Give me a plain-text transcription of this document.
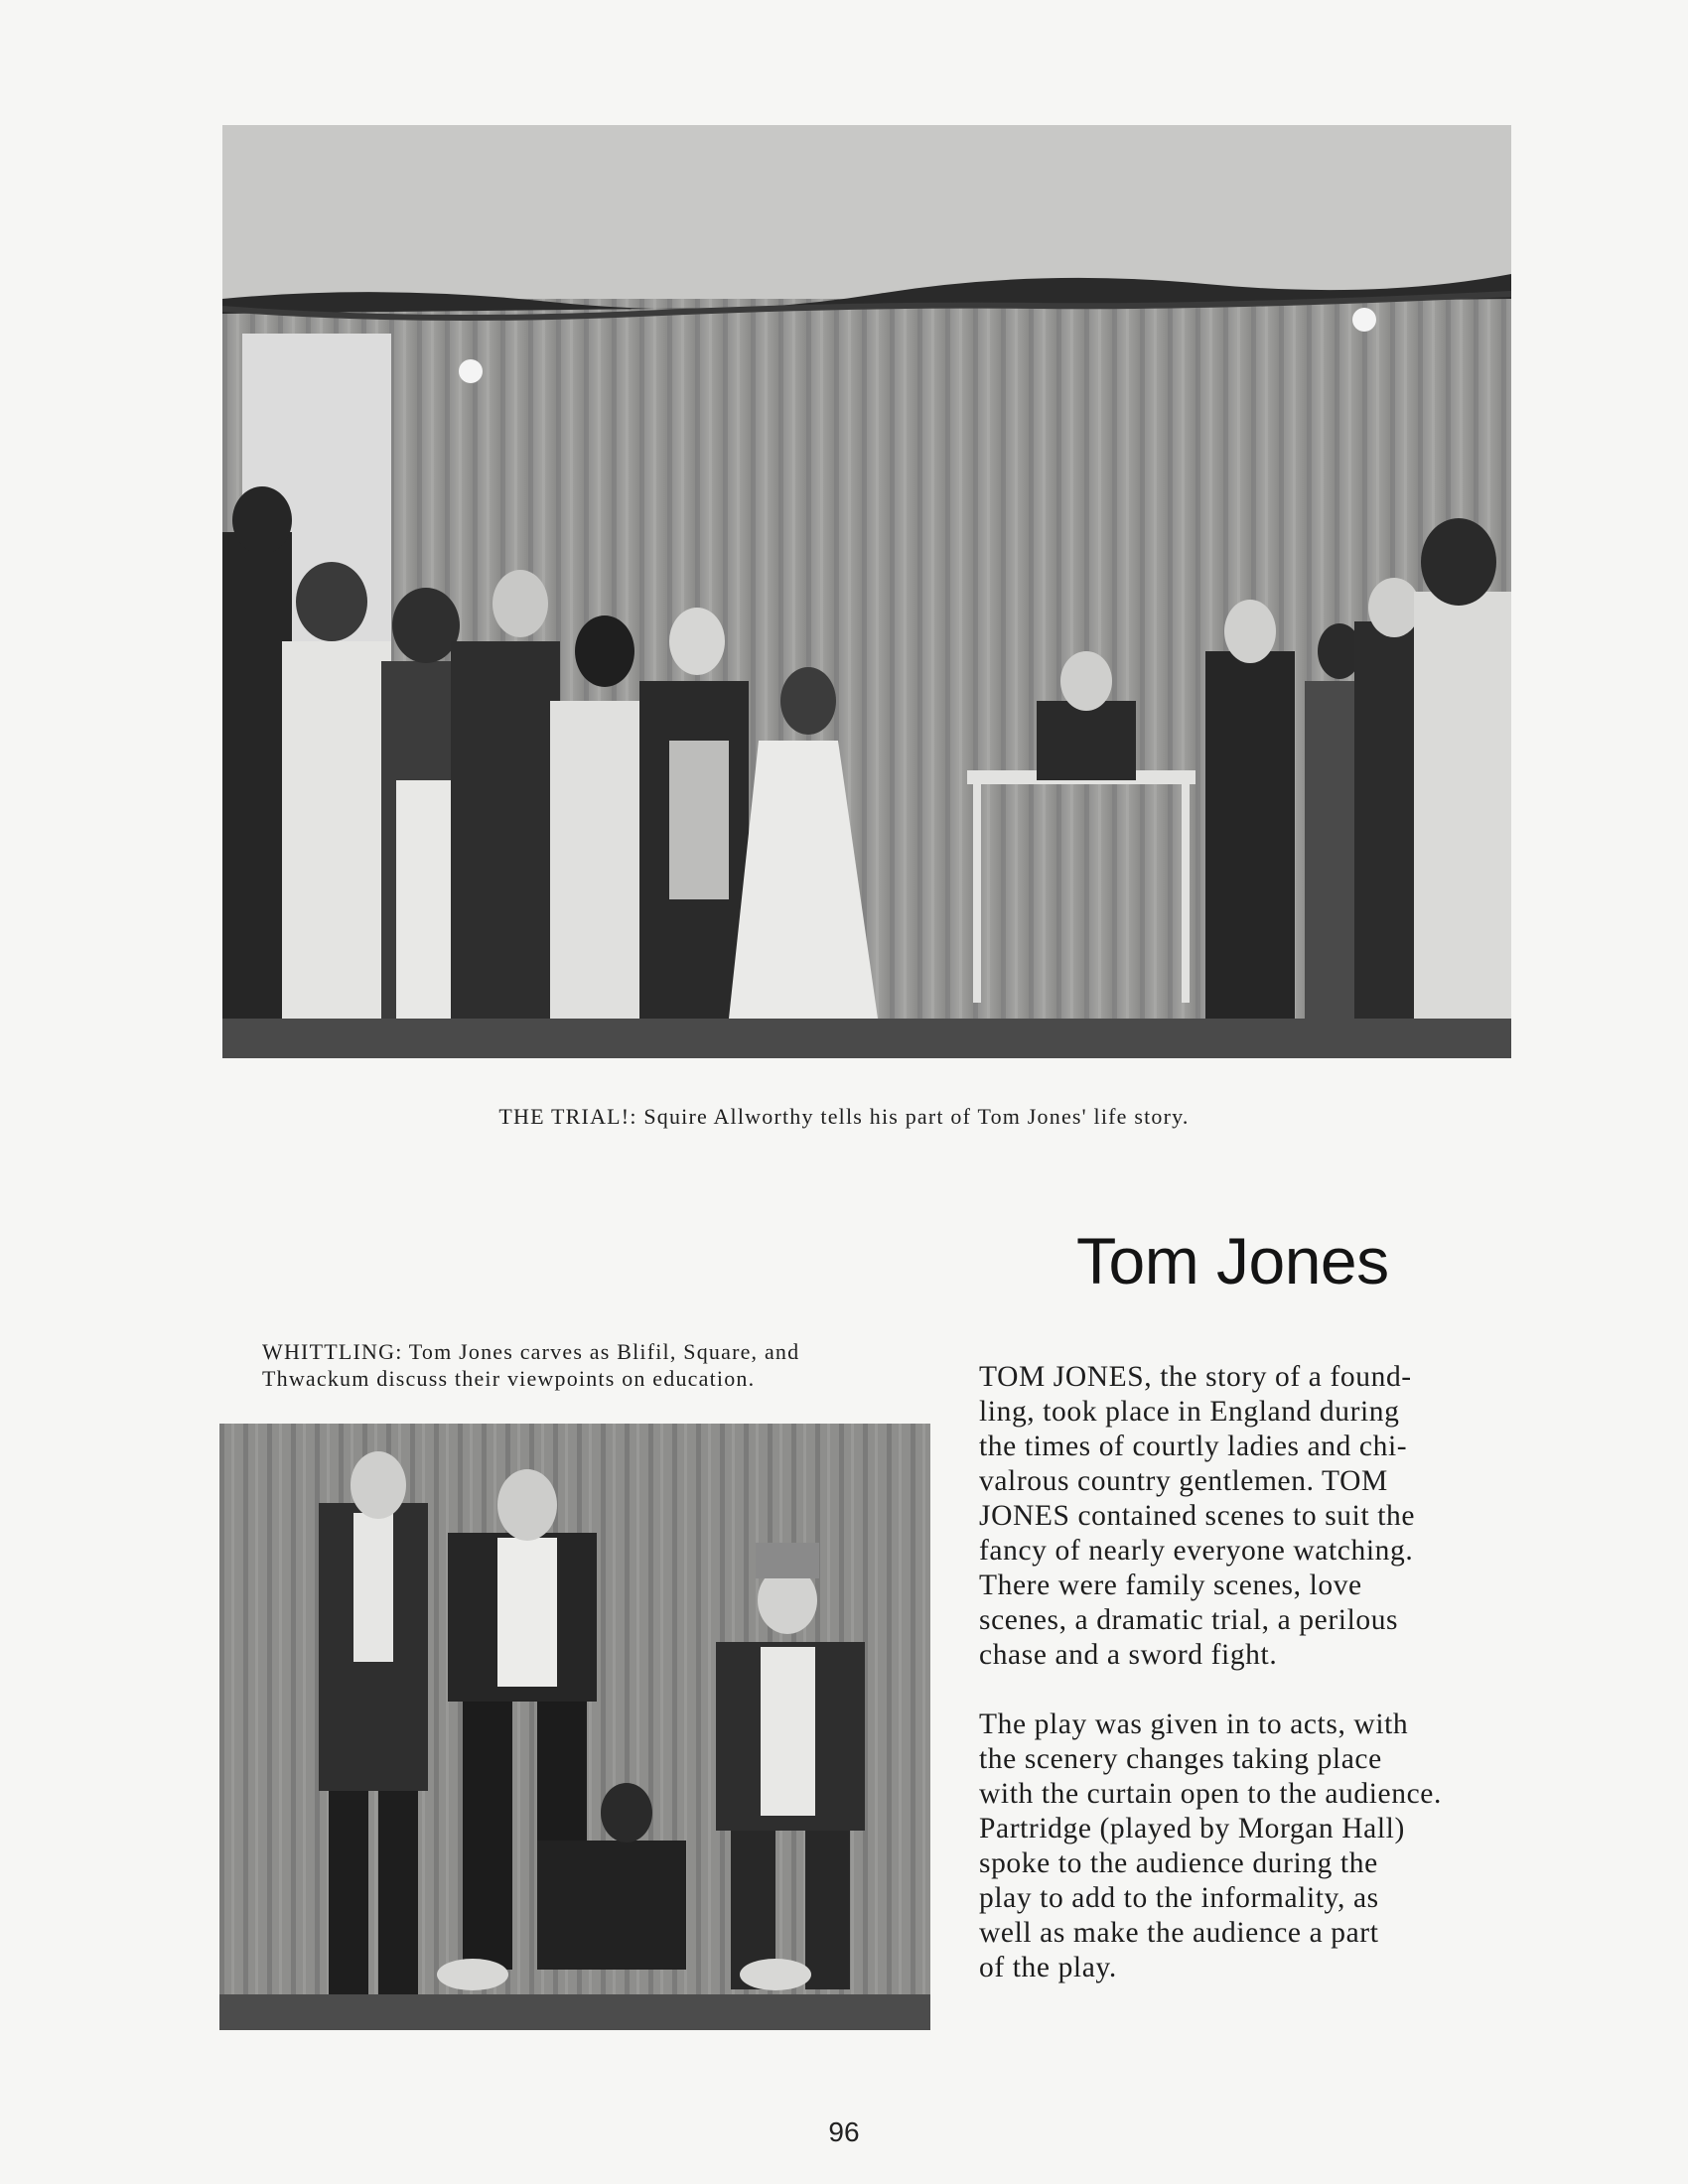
THE TRIAL!: Squire Allworthy tells his part of Tom Jones' life story.
Tom Jones
WHITTLING: Tom Jones carves as Blifil, Square, and
Thwackum discuss their viewpoints on education.	TOM JONES, the story of a found-
ling, took place in England during
the times of courtly ladies and chi-
valrous country gentlemen. TOM
JONES contained scenes to suit the
fancy of nearly everyone watching.
There were family scenes, love
scenes, a dramatic trial, a perilous
chase and a sword fight.
The play was given in to acts, with
the scenery changes taking place
with the curtain open to the audience.
Partridge (played by Morgan Hall)
spoke to the audience during the
play to add to the informality, as
well as make the audience a part
of the play.
96
